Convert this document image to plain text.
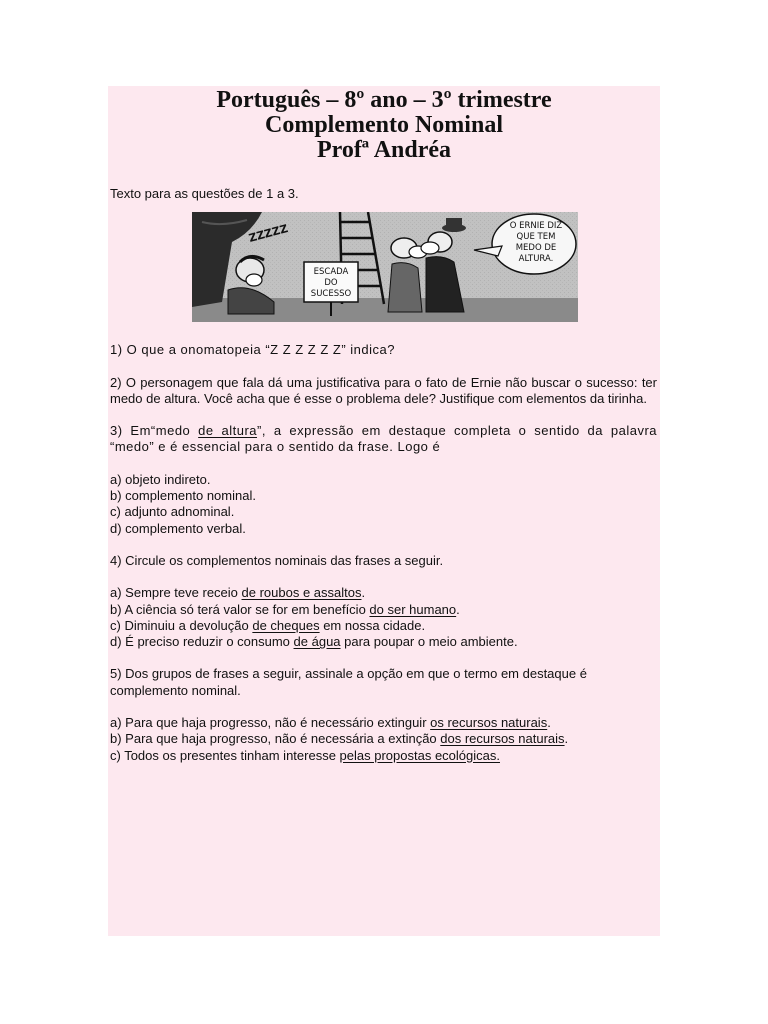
Português – 8º ano – 3º trimestre
Complemento Nominal
Profª Andréa

Texto para as questões de 1 a 3.

ZZZZZ
ESCADA
DO
SUCESSO
O ERNIE DIZ
QUE TEM
MEDO DE
ALTURA.

1) O que a onomatopeia “Z Z Z Z Z Z” indica?

2) O personagem que fala dá uma justificativa para o fato de Ernie não buscar o sucesso: ter medo de altura. Você acha que é esse o problema dele? Justifique com elementos da tirinha.

3) Em“medo de altura”, a expressão em destaque completa o sentido da palavra “medo” e é essencial para o sentido da frase. Logo é

a) objeto indireto.

b) complemento nominal.

c) adjunto adnominal.

d) complemento verbal.

4) Circule os complementos nominais das frases a seguir.

a) Sempre teve receio de roubos e assaltos.

b) A ciência só terá valor se for em benefício do ser humano.

c) Diminuiu a devolução de cheques em nossa cidade.

d) É preciso reduzir o consumo de água para poupar o meio ambiente.

5) Dos grupos de frases a seguir, assinale a opção em que o termo em destaque é complemento nominal.

a) Para que haja progresso, não é necessário extinguir os recursos naturais.

b) Para que haja progresso, não é necessária a extinção dos recursos naturais.

c) Todos os presentes tinham interesse pelas propostas ecológicas.
